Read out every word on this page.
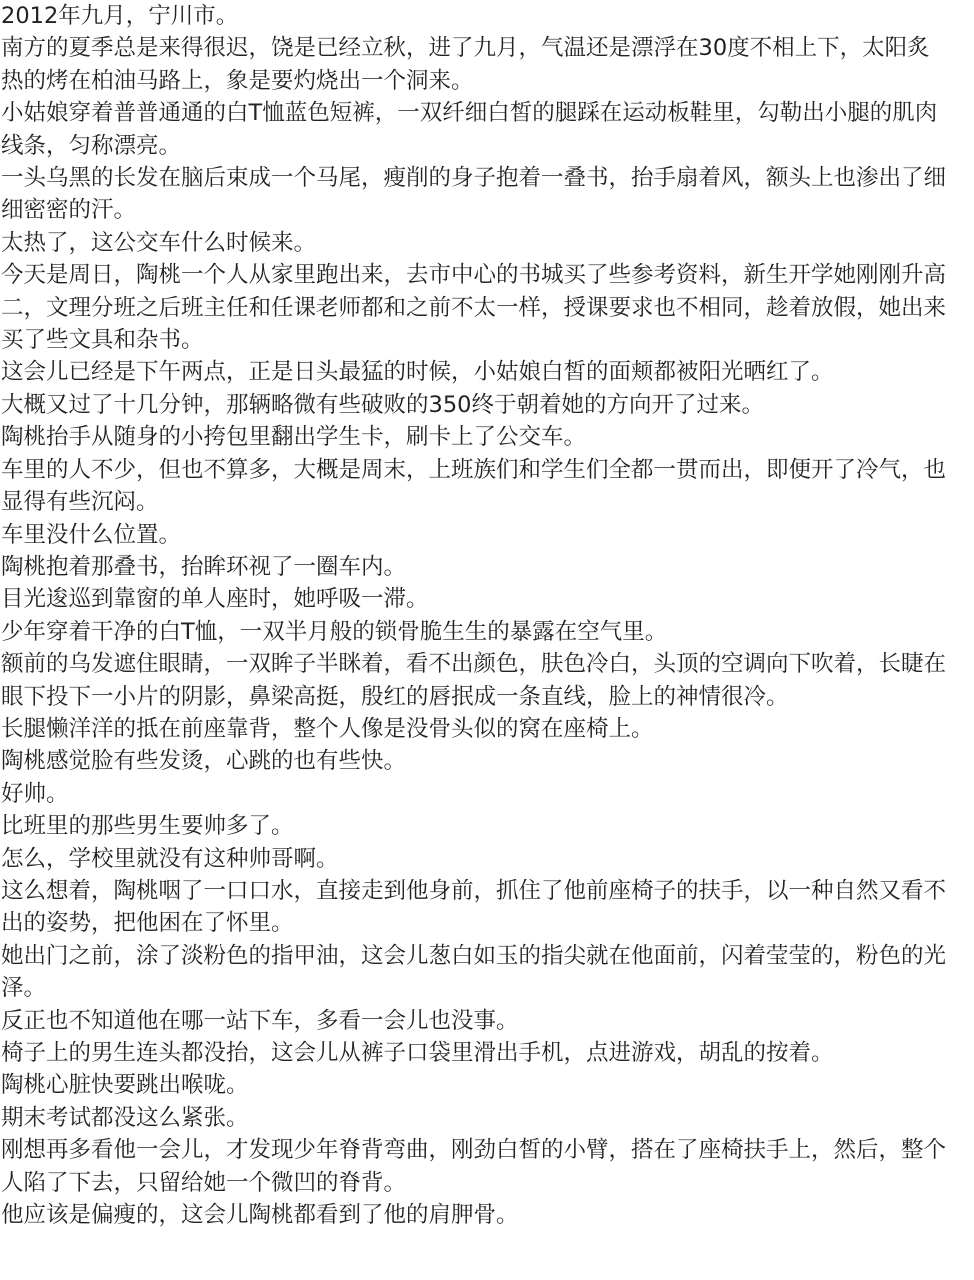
2012年九月，宁川市。

南方的夏季总是来得很迟，饶是已经立秋，进了九月，气温还是漂浮在30度不相上下，太阳炙热的烤在柏油马路上，象是要灼烧出一个洞来。

小姑娘穿着普普通通的白T恤蓝色短裤，一双纤细白皙的腿踩在运动板鞋里，勾勒出小腿的肌肉线条，匀称漂亮。

一头乌黑的长发在脑后束成一个马尾，瘦削的身子抱着一叠书，抬手扇着风，额头上也渗出了细细密密的汗。

太热了，这公交车什么时候来。

今天是周日，陶桃一个人从家里跑出来，去市中心的书城买了些参考资料，新生开学她刚刚升高二，文理分班之后班主任和任课老师都和之前不太一样，授课要求也不相同，趁着放假，她出来买了些文具和杂书。

这会儿已经是下午两点，正是日头最猛的时候，小姑娘白皙的面颊都被阳光晒红了。

大概又过了十几分钟，那辆略微有些破败的350终于朝着她的方向开了过来。

陶桃抬手从随身的小挎包里翻出学生卡，刷卡上了公交车。

车里的人不少，但也不算多，大概是周末，上班族们和学生们全都一贯而出，即便开了冷气，也显得有些沉闷。

车里没什么位置。

陶桃抱着那叠书，抬眸环视了一圈车内。

目光逡巡到靠窗的单人座时，她呼吸一滞。

少年穿着干净的白T恤，一双半月般的锁骨脆生生的暴露在空气里。

额前的乌发遮住眼睛，一双眸子半眯着，看不出颜色，肤色冷白，头顶的空调向下吹着，长睫在眼下投下一小片的阴影，鼻梁高挺，殷红的唇抿成一条直线，脸上的神情很冷。

长腿懒洋洋的抵在前座靠背，整个人像是没骨头似的窝在座椅上。

陶桃感觉脸有些发烫，心跳的也有些快。

好帅。

比班里的那些男生要帅多了。

怎么，学校里就没有这种帅哥啊。

这么想着，陶桃咽了一口口水，直接走到他身前，抓住了他前座椅子的扶手，以一种自然又看不出的姿势，把他困在了怀里。

她出门之前，涂了淡粉色的指甲油，这会儿葱白如玉的指尖就在他面前，闪着莹莹的，粉色的光泽。

反正也不知道他在哪一站下车，多看一会儿也没事。

椅子上的男生连头都没抬，这会儿从裤子口袋里滑出手机，点进游戏，胡乱的按着。

陶桃心脏快要跳出喉咙。

期末考试都没这么紧张。

刚想再多看他一会儿，才发现少年脊背弯曲，刚劲白皙的小臂，搭在了座椅扶手上，然后，整个人陷了下去，只留给她一个微凹的脊背。

他应该是偏瘦的，这会儿陶桃都看到了他的肩胛骨。
